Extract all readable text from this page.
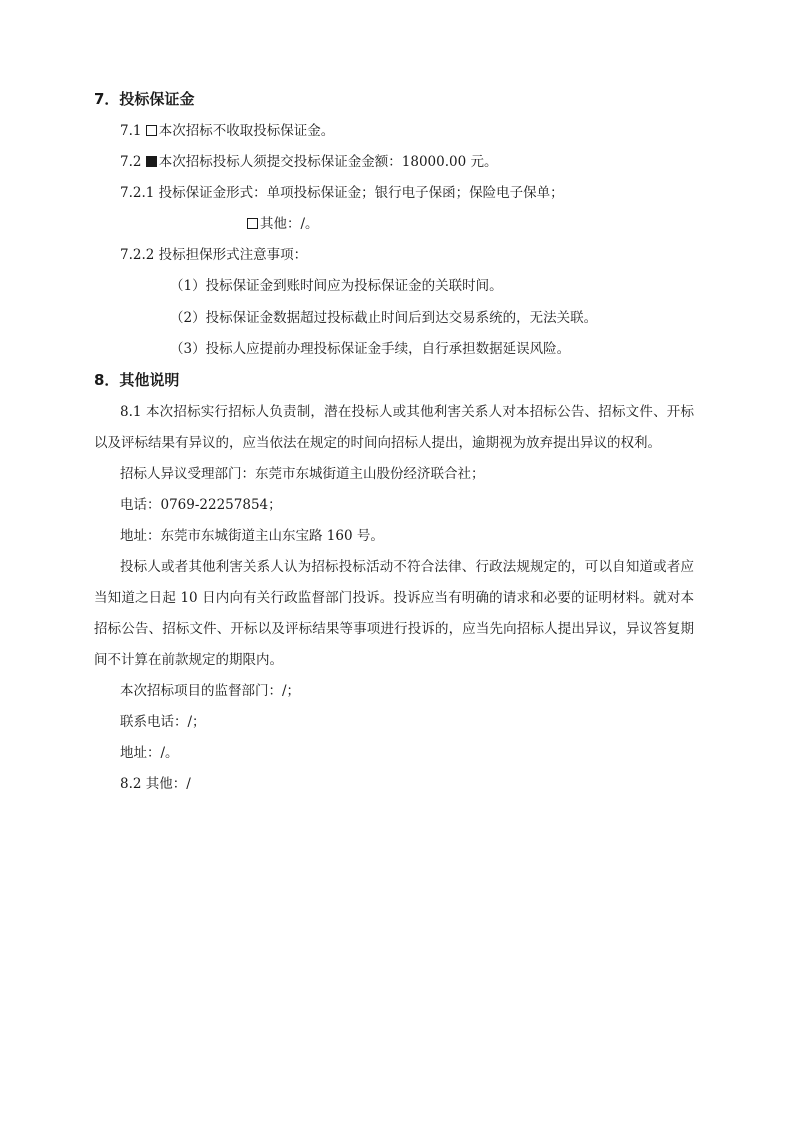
7．投标保证金
7.1 本次招标不收取投标保证金。
7.2 本次招标投标人须提交投标保证金金额：18000.00 元。
7.2.1 投标保证金形式：单项投标保证金；银行电子保函；保险电子保单；
其他：/。
7.2.2 投标担保形式注意事项：
（1）投标保证金到账时间应为投标保证金的关联时间。
（2）投标保证金数据超过投标截止时间后到达交易系统的，无法关联。
（3）投标人应提前办理投标保证金手续，自行承担数据延误风险。
8．其他说明
8.1 本次招标实行招标人负责制，潜在投标人或其他利害关系人对本招标公告、招标文件、开标以及评标结果有异议的，应当依法在规定的时间向招标人提出，逾期视为放弃提出异议的权利。
招标人异议受理部门：东莞市东城街道主山股份经济联合社；
电话：0769-22257854；
地址：东莞市东城街道主山东宝路 160 号。
投标人或者其他利害关系人认为招标投标活动不符合法律、行政法规规定的，可以自知道或者应当知道之日起 10 日内向有关行政监督部门投诉。投诉应当有明确的请求和必要的证明材料。就对本招标公告、招标文件、开标以及评标结果等事项进行投诉的，应当先向招标人提出异议，异议答复期间不计算在前款规定的期限内。
本次招标项目的监督部门：/；
联系电话：/；
地址：/。
8.2 其他：/
